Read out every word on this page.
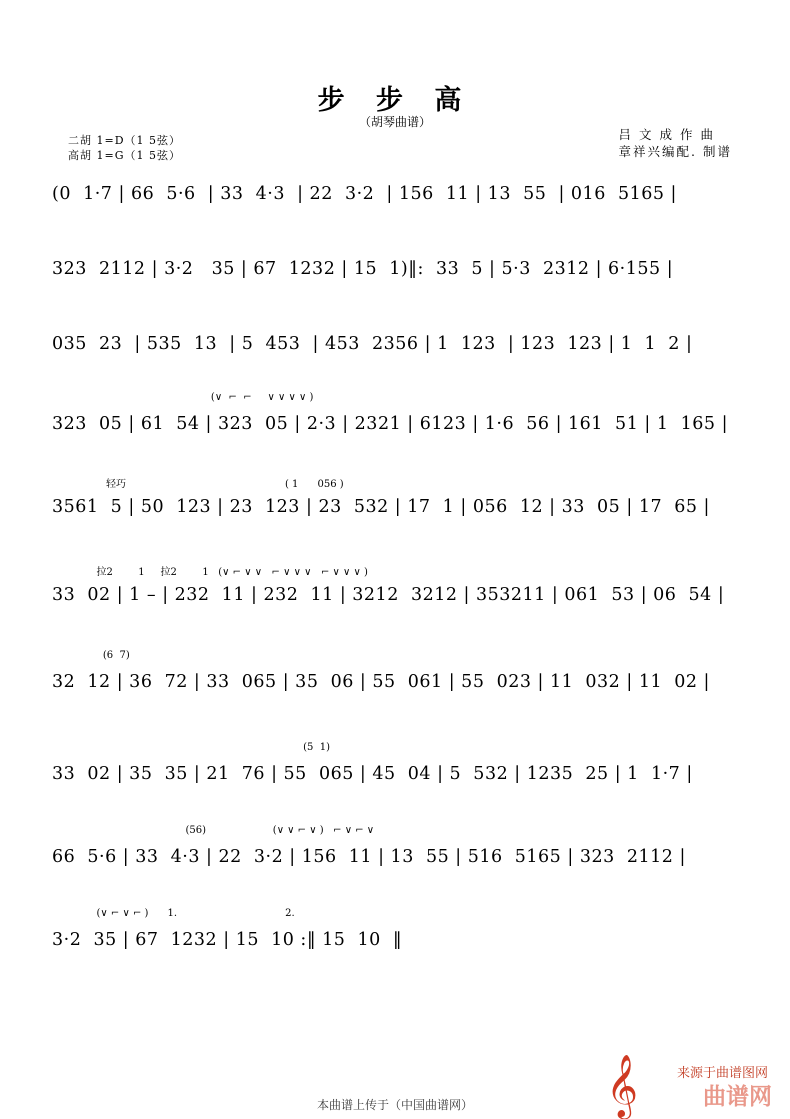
步 步 高
（胡琴曲谱）
吕 文 成 作 曲
章祥兴编配. 制谱
二胡 1=D（1 5弦）
高胡 1=G（1 5弦）
(0  1·7 | 66  5·6  | 33  4·3  | 22  3·2  | 156  11 | 13  55  | 016  5165 |
323  2112 | 3·2   35 | 67  1232 | 15  1)‖:  33  5 | 5·3  2312 | 6·155 |
035  23  | 535  13  | 5  453  | 453  2356 | 1  123  | 123  123 | 1  1  2 |
(∨  ⌐  ⌐     ∨ ∨ ∨ ∨ )
323  05 | 61  54 | 323  05 | 2·3 | 2321 | 6123 | 1·6  56 | 161  51 | 1  165 |
轻巧                                                  ( 1      056 )
3561  5 | 50  123 | 23  123 | 23  532 | 17  1 | 056  12 | 33  05 | 17  65 |
拉2        1     拉2        1   (∨ ⌐ ∨ ∨   ⌐ ∨ ∨ ∨   ⌐ ∨ ∨ ∨ )
33  02 | 1 – | 232  11 | 232  11 | 3212  3212 | 353211 | 061  53 | 06  54 |
(6  7)
32  12 | 36  72 | 33  065 | 35  06 | 55  061 | 55  023 | 11  032 | 11  02 |
(5  1)
33  02 | 35  35 | 21  76 | 55  065 | 45  04 | 5  532 | 1235  25 | 1  1·7 |
(56)                     (∨ ∨ ⌐ ∨ )   ⌐ ∨ ⌐ ∨
66  5·6 | 33  4·3 | 22  3·2 | 156  11 | 13  55 | 516  5165 | 323  2112 |
(∨ ⌐ ∨ ⌐ )      1.                                  2.
3·2  35 | 67  1232 | 15  10 :‖ 15  10  ‖
𝄞	来源于曲谱图网
曲谱网
本曲谱上传于（中国曲谱网）
